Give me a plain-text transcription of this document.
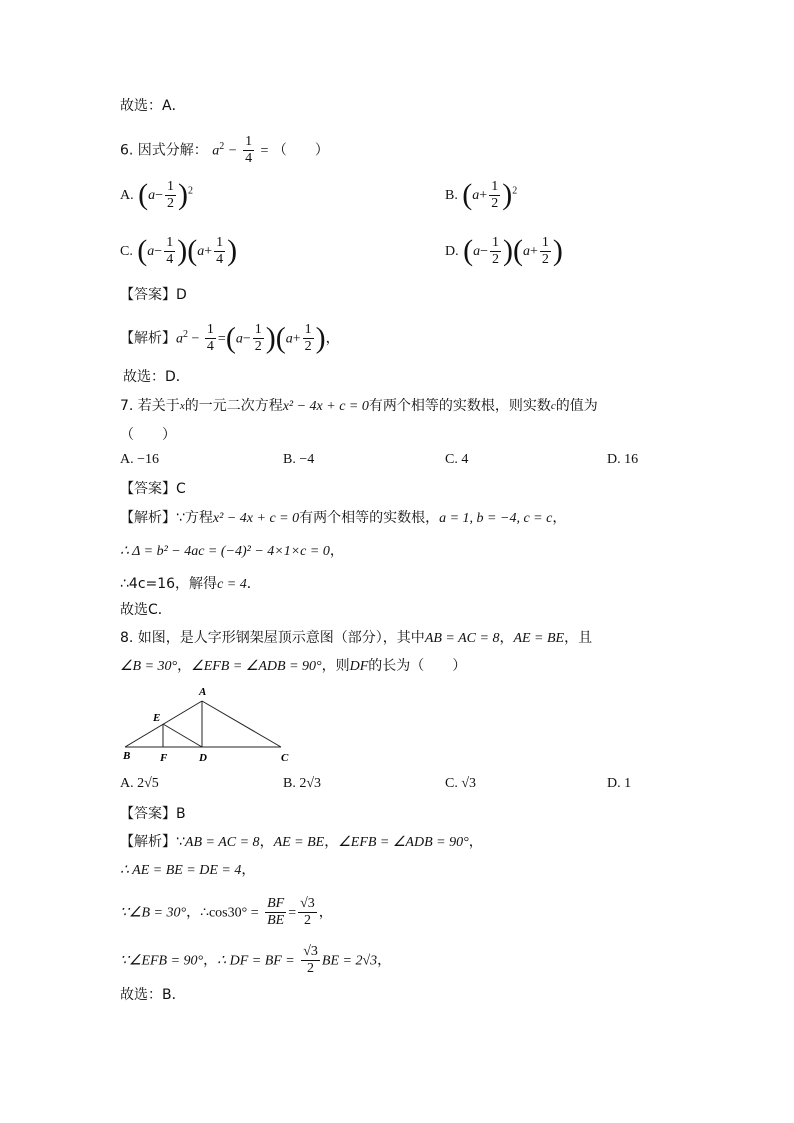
故选：A．
6. 因式分解： $a^2 - \frac{1}{4}$ = （　　）
A. $(a- \frac{1}{2} )^2$	B. $(a+ \frac{1}{2} )^2$
C. $(a- \frac{1}{4} )(a+ \frac{1}{4}$ )	D. $(a- \frac{1}{2} )(a+ \frac{1}{2}$ )
【答案】D
【解析】$a^2 - \frac{1}{4} =(a- \frac{1}{2} )(a+ \frac{1}{2}$ )，
故选：D．
7. 若关于$^x$的一元二次方程x² − 4x + c = 0有两个相等的实数根，则实数$^c$的值为
（　　）
A. −16	B. −4	C. 4	D. 16
【答案】C
【解析】∵方程x² − 4x + c = 0有两个相等的实数根，a = 1, b = −4, c = c，
∴ Δ = b² − 4ac = (−4)² − 4×1×c = 0，
∴4c=16，解得c = 4．
故选C．
8. 如图，是人字形钢架屋顶示意图（部分），其中AB = AC = 8，AE = BE，且
∠B = 30°，∠EFB = ∠ADB = 90°，则DF的长为（　　）
A
B	C
D
E
F
A. 2√5	B. 2√3	C. √3	D. 1
【答案】B
【解析】∵AB = AC = 8，AE = BE，∠EFB = ∠ADB = 90°，
∴ AE = BE = DE = 4，
∵∠B = 30°，∴cos30° = $\frac{BF}{BE} = \frac{√3}{2}$ ，
∵∠EFB = 90°，∴ DF = BF = $\frac{√3}{2}$ BE = 2√3，
故选：B．
